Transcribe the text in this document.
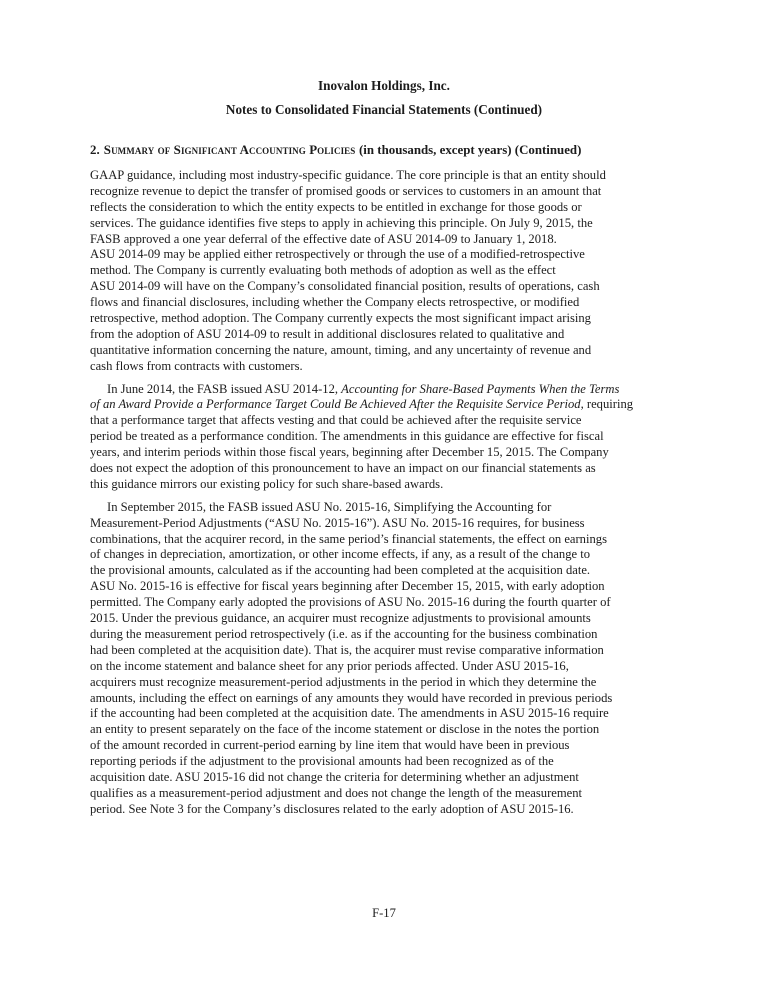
Inovalon Holdings, Inc.
Notes to Consolidated Financial Statements (Continued)
2. Summary of Significant Accounting Policies (in thousands, except years) (Continued)
GAAP guidance, including most industry-specific guidance. The core principle is that an entity should
recognize revenue to depict the transfer of promised goods or services to customers in an amount that
reflects the consideration to which the entity expects to be entitled in exchange for those goods or
services. The guidance identifies five steps to apply in achieving this principle. On July 9, 2015, the
FASB approved a one year deferral of the effective date of ASU 2014-09 to January 1, 2018.
ASU 2014-09 may be applied either retrospectively or through the use of a modified-retrospective
method. The Company is currently evaluating both methods of adoption as well as the effect
ASU 2014-09 will have on the Company’s consolidated financial position, results of operations, cash
flows and financial disclosures, including whether the Company elects retrospective, or modified
retrospective, method adoption. The Company currently expects the most significant impact arising
from the adoption of ASU 2014-09 to result in additional disclosures related to qualitative and
quantitative information concerning the nature, amount, timing, and any uncertainty of revenue and
cash flows from contracts with customers.
In June 2014, the FASB issued ASU 2014-12, Accounting for Share-Based Payments When the Terms
of an Award Provide a Performance Target Could Be Achieved After the Requisite Service Period, requiring
that a performance target that affects vesting and that could be achieved after the requisite service
period be treated as a performance condition. The amendments in this guidance are effective for fiscal
years, and interim periods within those fiscal years, beginning after December 15, 2015. The Company
does not expect the adoption of this pronouncement to have an impact on our financial statements as
this guidance mirrors our existing policy for such share-based awards.
In September 2015, the FASB issued ASU No. 2015-16, Simplifying the Accounting for
Measurement-Period Adjustments (“ASU No. 2015-16”). ASU No. 2015-16 requires, for business
combinations, that the acquirer record, in the same period’s financial statements, the effect on earnings
of changes in depreciation, amortization, or other income effects, if any, as a result of the change to
the provisional amounts, calculated as if the accounting had been completed at the acquisition date.
ASU No. 2015-16 is effective for fiscal years beginning after December 15, 2015, with early adoption
permitted. The Company early adopted the provisions of ASU No. 2015-16 during the fourth quarter of
2015. Under the previous guidance, an acquirer must recognize adjustments to provisional amounts
during the measurement period retrospectively (i.e. as if the accounting for the business combination
had been completed at the acquisition date). That is, the acquirer must revise comparative information
on the income statement and balance sheet for any prior periods affected. Under ASU 2015-16,
acquirers must recognize measurement-period adjustments in the period in which they determine the
amounts, including the effect on earnings of any amounts they would have recorded in previous periods
if the accounting had been completed at the acquisition date. The amendments in ASU 2015-16 require
an entity to present separately on the face of the income statement or disclose in the notes the portion
of the amount recorded in current-period earning by line item that would have been in previous
reporting periods if the adjustment to the provisional amounts had been recognized as of the
acquisition date. ASU 2015-16 did not change the criteria for determining whether an adjustment
qualifies as a measurement-period adjustment and does not change the length of the measurement
period. See Note 3 for the Company’s disclosures related to the early adoption of ASU 2015-16.
F-17
